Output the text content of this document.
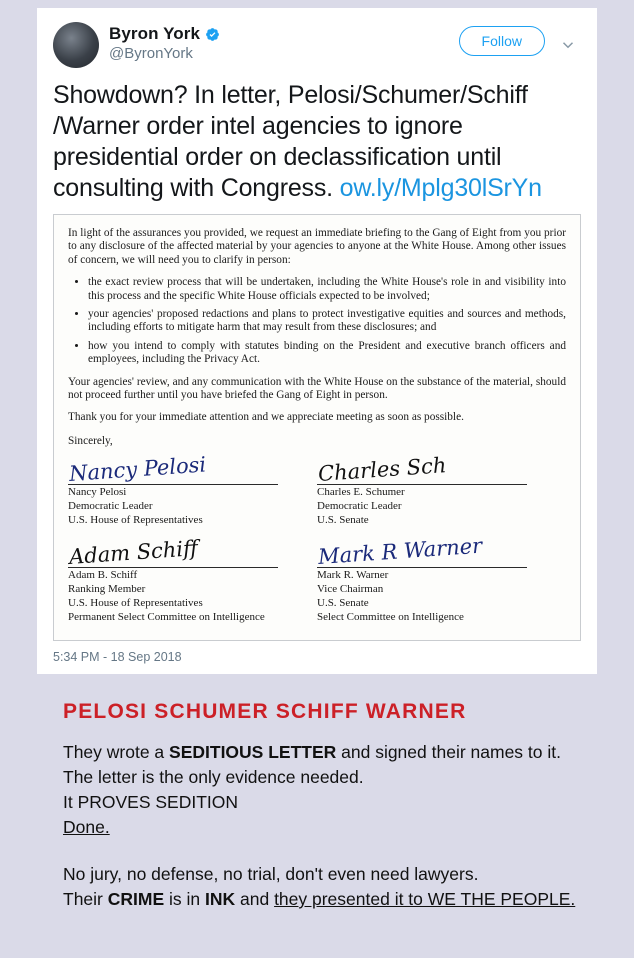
Byron York
@ByronYork
Follow
Showdown? In letter, Pelosi/Schumer/Schiff /Warner order intel agencies to ignore presidential order on declassification until consulting with Congress. ow.ly/Mplg30lSrYn

In light of the assurances you provided, we request an immediate briefing to the Gang of Eight from you prior to any disclosure of the affected material by your agencies to anyone at the White House. Among other issues of concern, we will need you to clarify in person:

• the exact review process that will be undertaken, including the White House's role in and visibility into this process and the specific White House officials expected to be involved;
• your agencies' proposed redactions and plans to protect investigative equities and sources and methods, including efforts to mitigate harm that may result from these disclosures; and
• how you intend to comply with statutes binding on the President and executive branch officers and employees, including the Privacy Act.

Your agencies' review, and any communication with the White House on the substance of the material, should not proceed further until you have briefed the Gang of Eight in person.

Thank you for your immediate attention and we appreciate meeting as soon as possible.

Sincerely,

Nancy Pelosi
Nancy Pelosi
Democratic Leader
U.S. House of Representatives
Charles Sch
Charles E. Schumer
Democratic Leader
U.S. Senate
Adam Schiff
Adam B. Schiff
Ranking Member
U.S. House of Representatives
Permanent Select Committee on Intelligence
Mark R Warner
Mark R. Warner
Vice Chairman
U.S. Senate
Select Committee on Intelligence
5:34 PM - 18 Sep 2018
PELOSI SCHUMER SCHIFF WARNER
They wrote a SEDITIOUS LETTER and signed their names to it.
The letter is the only evidence needed.
It PROVES SEDITION
Done.
No jury, no defense, no trial, don't even need lawyers.
Their CRIME is in INK and they presented it to WE THE PEOPLE.
